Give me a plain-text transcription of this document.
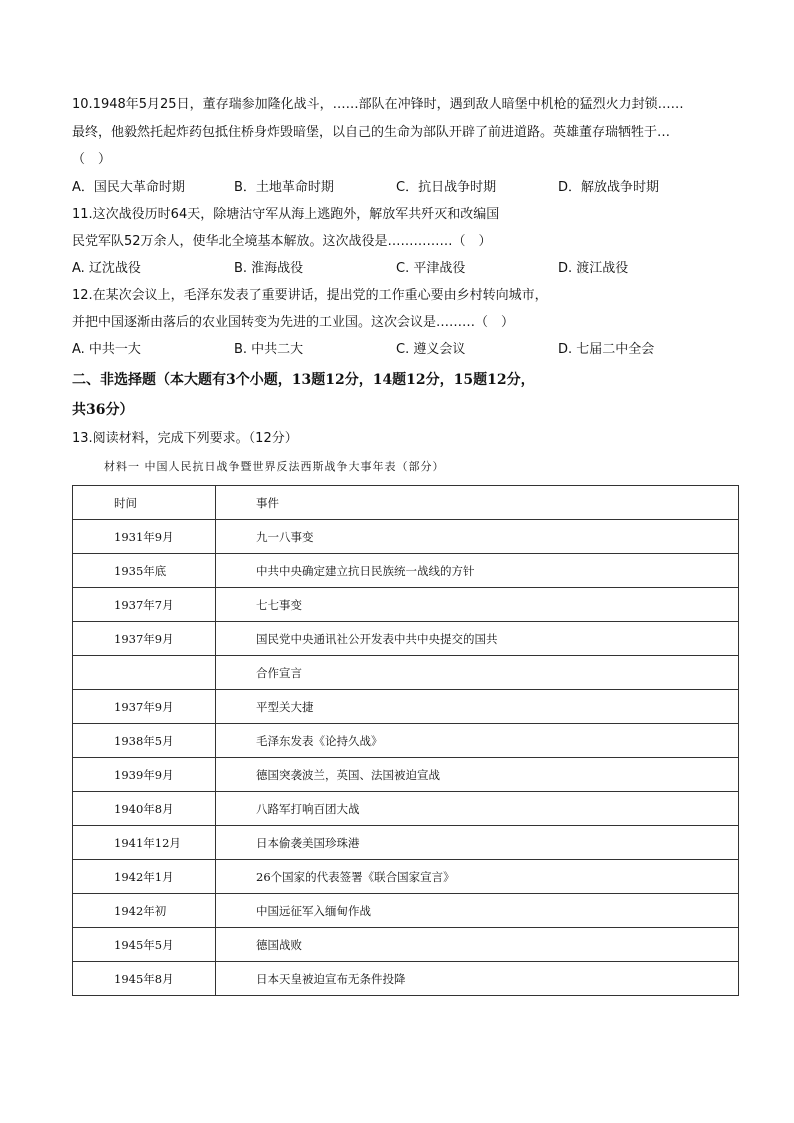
10.1948年5月25日，董存瑞参加隆化战斗，……部队在冲锋时，遇到敌人暗堡中机枪的猛烈火力封锁……
最终，他毅然托起炸药包抵住桥身炸毁暗堡，以自己的生命为部队开辟了前进道路。英雄董存瑞牺牲于…
（　）
A．国民大革命时期	B．土地革命时期	C．抗日战争时期	D．解放战争时期
11.这次战役历时64天，除塘沽守军从海上逃跑外，解放军共歼灭和改编国
民党军队52万余人，使华北全境基本解放。这次战役是……………（　）
A. 辽沈战役	B. 淮海战役	C. 平津战役	D. 渡江战役
12.在某次会议上，毛泽东发表了重要讲话，提出党的工作重心要由乡村转向城市，
并把中国逐渐由落后的农业国转变为先进的工业国。这次会议是………（　）
A. 中共一大	B. 中共二大	C. 遵义会议	D. 七届二中全会
二、非选择题（本大题有3个小题，13题12分，14题12分，15题12分，
共36分）
13.阅读材料，完成下列要求。（12分）
材料一 中国人民抗日战争暨世界反法西斯战争大事年表（部分）
时间	事件
1931年9月	九一八事变
1935年底	中共中央确定建立抗日民族统一战线的方针
1937年7月	七七事变
1937年9月	国民党中央通讯社公开发表中共中央提交的国共
	合作宣言
1937年9月	平型关大捷
1938年5月	毛泽东发表《论持久战》
1939年9月	德国突袭波兰，英国、法国被迫宣战
1940年8月	八路军打响百团大战
1941年12月	日本偷袭美国珍珠港
1942年1月	26个国家的代表签署《联合国家宣言》
1942年初	中国远征军入缅甸作战
1945年5月	德国战败
1945年8月	日本天皇被迫宣布无条件投降
